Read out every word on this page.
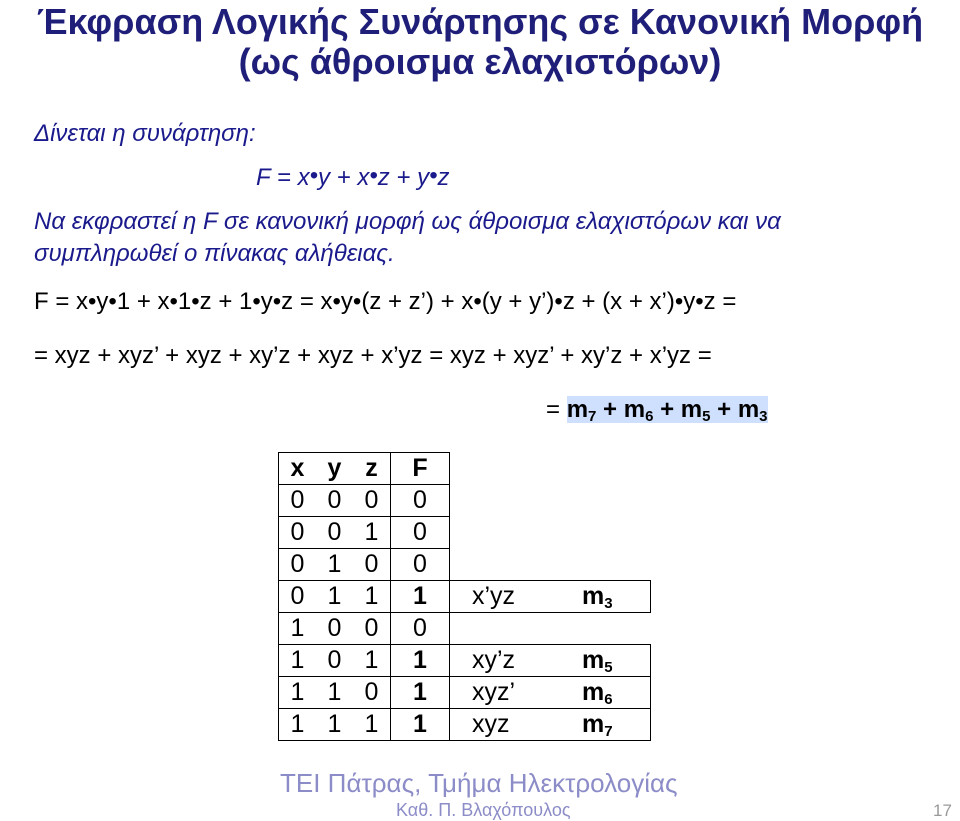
Έκφραση Λογικής Συνάρτησης σε Κανονική Μορφή
(ως άθροισμα ελαχιστόρων)
Δίνεται η συνάρτηση:
F = x•y + x•z + y•z
Να εκφραστεί η F σε κανονική μορφή ως άθροισμα ελαχιστόρων και να
συμπληρωθεί ο πίνακας αλήθειας.
F = x•y•1 + x•1•z + 1•y•z = x•y•(z + z’) + x•(y + y’)•z + (x + x’)•y•z =
= xyz + xyz’ + xyz + xy’z + xyz + x’yz = xyz + xyz’ + xy’z + x’yz =
= $m_7 + m_6 + m_5 + m_3$
x	y	z	F	
0	0	0	0	
0	0	1	0	
0	1	0	0	
0	1	1	1	x’yz $m_3$
1	0	0	0	
1	0	1	1	xy’z $m_5$
1	1	0	1	xyz’ $m_6$
1	1	1	1	xyz $m_7$
ΤΕΙ Πάτρας, Τμήμα Ηλεκτρολογίας
Καθ. Π. Βλαχόπουλος	17
